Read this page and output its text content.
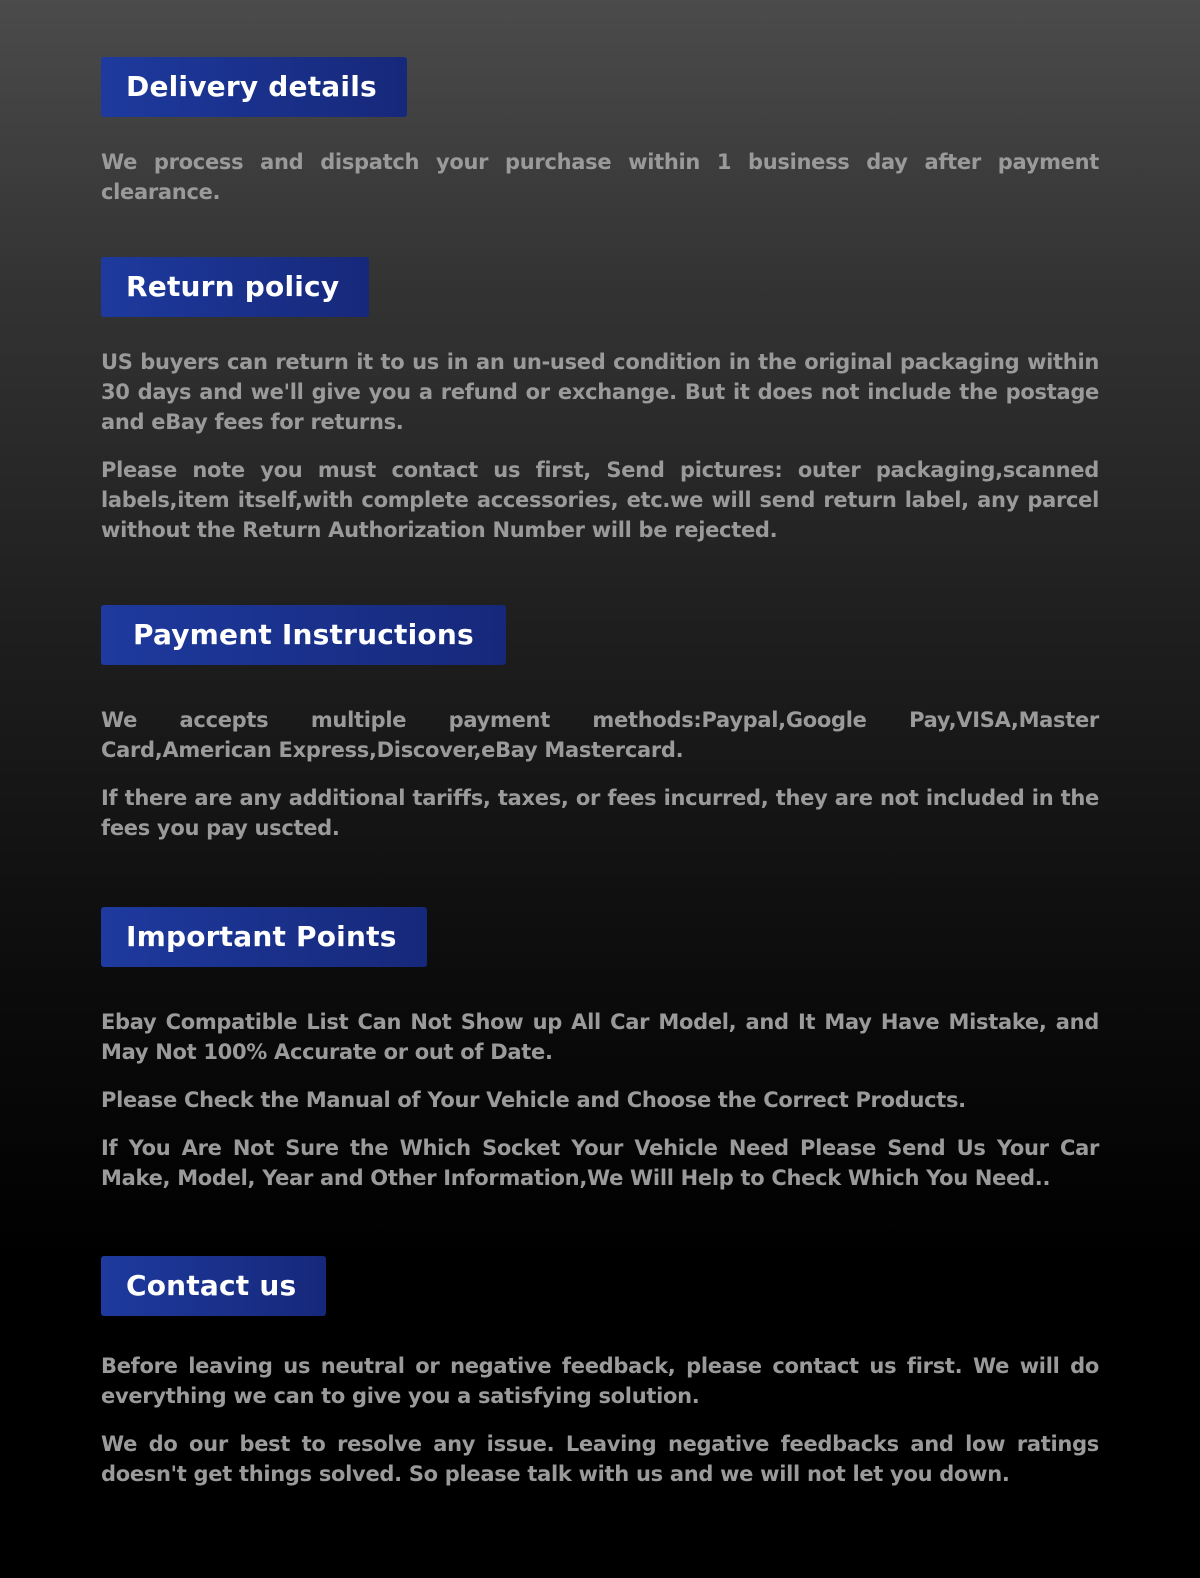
Delivery details

We process and dispatch your purchase within 1 business day after payment clearance.

Return policy

US buyers can return it to us in an un-used condition in the original packaging within 30 days and we'll give you a refund or exchange. But it does not include the postage and eBay fees for returns.

Please note you must contact us first, Send pictures: outer packaging,scanned labels,item itself,with complete accessories, etc.we will send return label, any parcel without the Return Authorization Number will be rejected.

Payment Instructions

We accepts multiple payment methods:Paypal,Google Pay,VISA,Master Card,American Express,Discover,eBay Mastercard.

If there are any additional tariffs, taxes, or fees incurred, they are not included in the fees you pay uscted.

Important Points

Ebay Compatible List Can Not Show up All Car Model, and It May Have Mistake, and May Not 100% Accurate or out of Date.

Please Check the Manual of Your Vehicle and Choose the Correct Products.

If You Are Not Sure the Which Socket Your Vehicle Need Please Send Us Your Car Make, Model, Year and Other Information,We Will Help to Check Which You Need..

Contact us

Before leaving us neutral or negative feedback, please contact us first. We will do everything we can to give you a satisfying solution.

We do our best to resolve any issue. Leaving negative feedbacks and low ratings doesn't get things solved. So please talk with us and we will not let you down.
